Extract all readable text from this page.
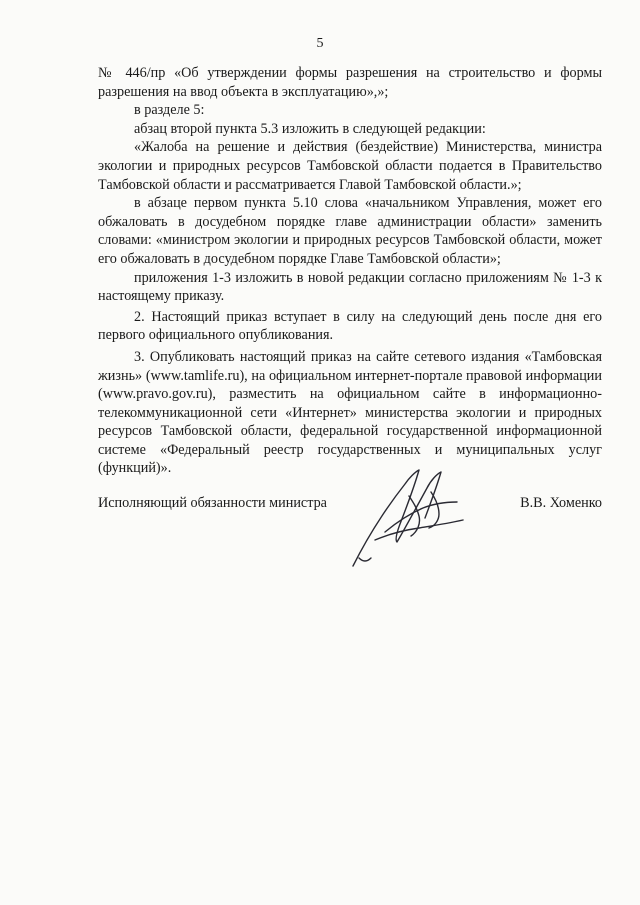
5

№ 446/пр «Об утверждении формы разрешения на строительство и формы разрешения на ввод объекта в эксплуатацию»,»;

в разделе 5:

абзац второй пункта 5.3 изложить в следующей редакции:

«Жалоба на решение и действия (бездействие) Министерства, министра экологии и природных ресурсов Тамбовской области подается в Правительство Тамбовской области и рассматривается Главой Тамбовской области.»;

в абзаце первом пункта 5.10 слова «начальником Управления, может его обжаловать в досудебном порядке главе администрации области» заменить словами: «министром экологии и природных ресурсов Тамбовской области, может его обжаловать в досудебном порядке Главе Тамбовской области»;

приложения 1-3 изложить в новой редакции согласно приложениям № 1-3 к настоящему приказу.

2. Настоящий приказ вступает в силу на следующий день после дня его первого официального опубликования.

3. Опубликовать настоящий приказ на сайте сетевого издания «Тамбовская жизнь» (www.tamlife.ru), на официальном интернет-портале правовой информации (www.pravo.gov.ru), разместить на официальном сайте в информационно-телекоммуникационной сети «Интернет» министерства экологии и природных ресурсов Тамбовской области, федеральной государственной информационной системе «Федеральный реестр государственных и муниципальных услуг (функций)».

Исполняющий обязанности министра	В.В. Хоменко
